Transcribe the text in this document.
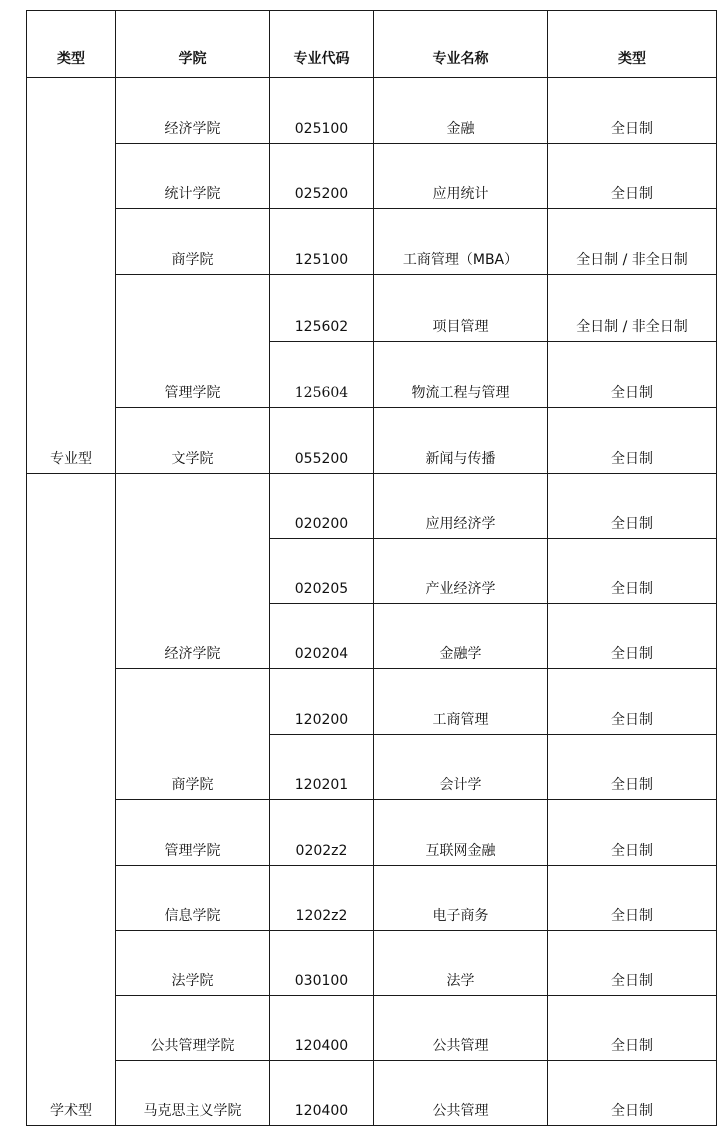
类型	学院	专业代码	专业名称	类型
专业型	经济学院	025100	金融	全日制
	统计学院	025200	应用统计	全日制
	商学院	125100	工商管理（MBA）	全日制 / 非全日制
	管理学院	125602	项目管理	全日制 / 非全日制
		125604	物流工程与管理	全日制
	文学院	055200	新闻与传播	全日制
学术型	经济学院	020200	应用经济学	全日制
		020205	产业经济学	全日制
		020204	金融学	全日制
	商学院	120200	工商管理	全日制
		120201	会计学	全日制
	管理学院	0202z2	互联网金融	全日制
	信息学院	1202z2	电子商务	全日制
	法学院	030100	法学	全日制
	公共管理学院	120400	公共管理	全日制
	马克思主义学院	120400	公共管理	全日制
